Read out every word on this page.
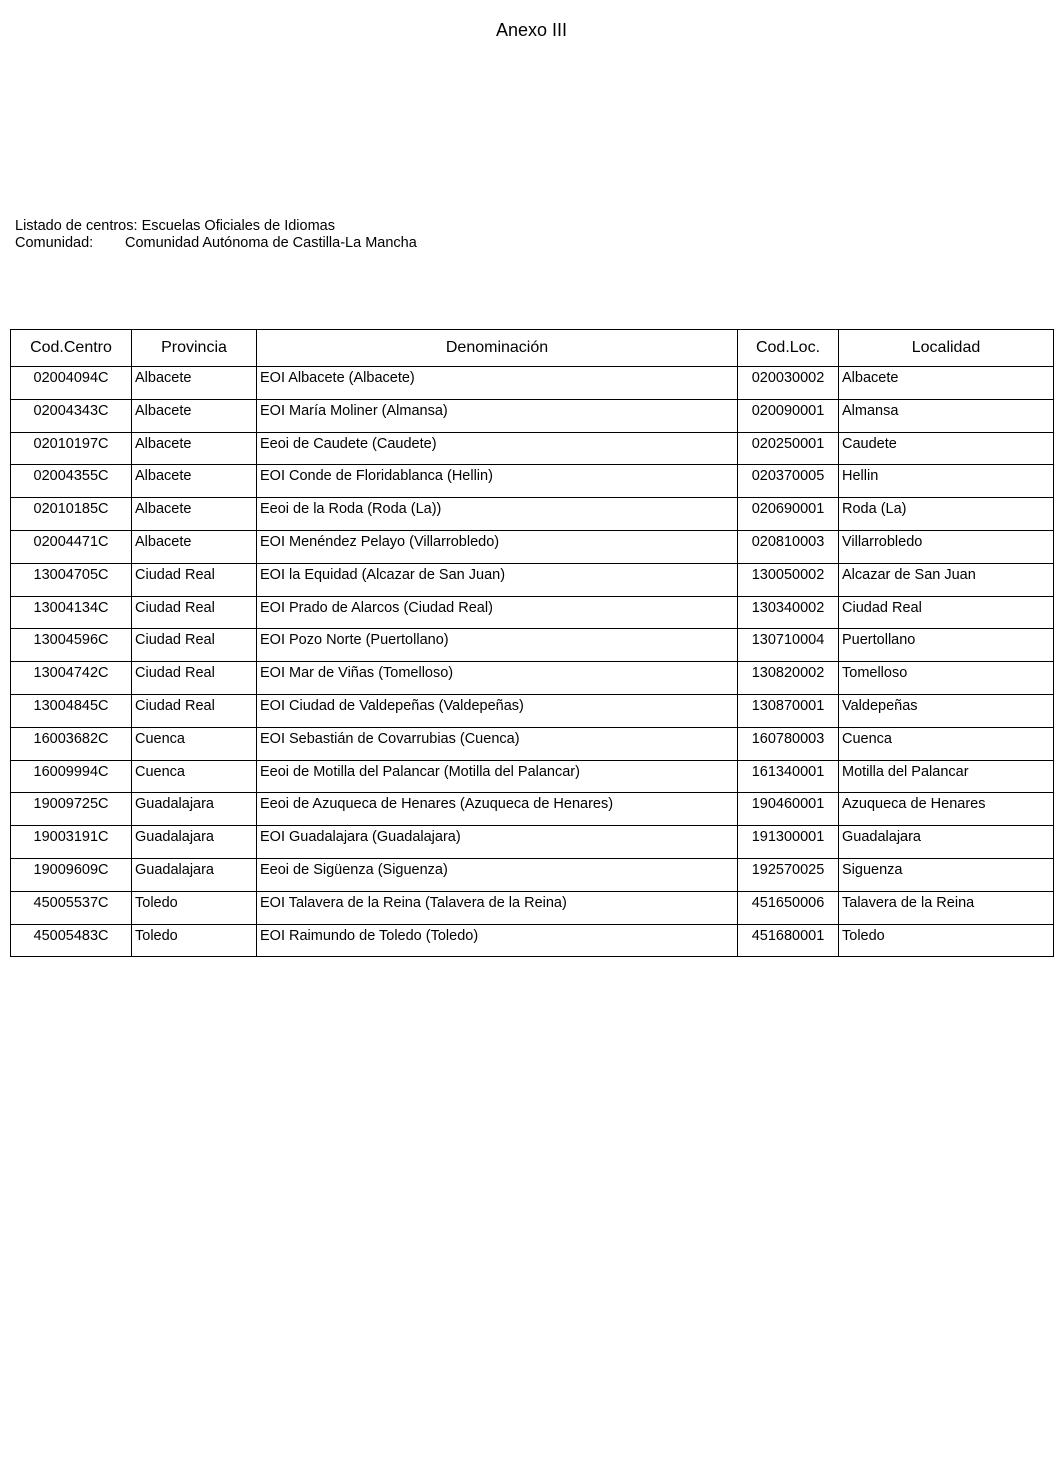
Anexo III
Listado de centros: Escuelas Oficiales de Idiomas
Comunidad: Comunidad Autónoma de Castilla-La Mancha
Cod.Centro	Provincia	Denominación	Cod.Loc.	Localidad
02004094C	Albacete	EOI Albacete (Albacete)	020030002	Albacete
02004343C	Albacete	EOI María Moliner (Almansa)	020090001	Almansa
02010197C	Albacete	Eeoi de Caudete (Caudete)	020250001	Caudete
02004355C	Albacete	EOI Conde de Floridablanca (Hellin)	020370005	Hellin
02010185C	Albacete	Eeoi de la Roda (Roda (La))	020690001	Roda (La)
02004471C	Albacete	EOI Menéndez Pelayo (Villarrobledo)	020810003	Villarrobledo
13004705C	Ciudad Real	EOI la Equidad (Alcazar de San Juan)	130050002	Alcazar de San Juan
13004134C	Ciudad Real	EOI Prado de Alarcos (Ciudad Real)	130340002	Ciudad Real
13004596C	Ciudad Real	EOI Pozo Norte (Puertollano)	130710004	Puertollano
13004742C	Ciudad Real	EOI Mar de Viñas (Tomelloso)	130820002	Tomelloso
13004845C	Ciudad Real	EOI Ciudad de Valdepeñas (Valdepeñas)	130870001	Valdepeñas
16003682C	Cuenca	EOI Sebastián de Covarrubias (Cuenca)	160780003	Cuenca
16009994C	Cuenca	Eeoi de Motilla del Palancar (Motilla del Palancar)	161340001	Motilla del Palancar
19009725C	Guadalajara	Eeoi de Azuqueca de Henares (Azuqueca de Henares)	190460001	Azuqueca de Henares
19003191C	Guadalajara	EOI Guadalajara (Guadalajara)	191300001	Guadalajara
19009609C	Guadalajara	Eeoi de Sigüenza (Siguenza)	192570025	Siguenza
45005537C	Toledo	EOI Talavera de la Reina (Talavera de la Reina)	451650006	Talavera de la Reina
45005483C	Toledo	EOI Raimundo de Toledo (Toledo)	451680001	Toledo
